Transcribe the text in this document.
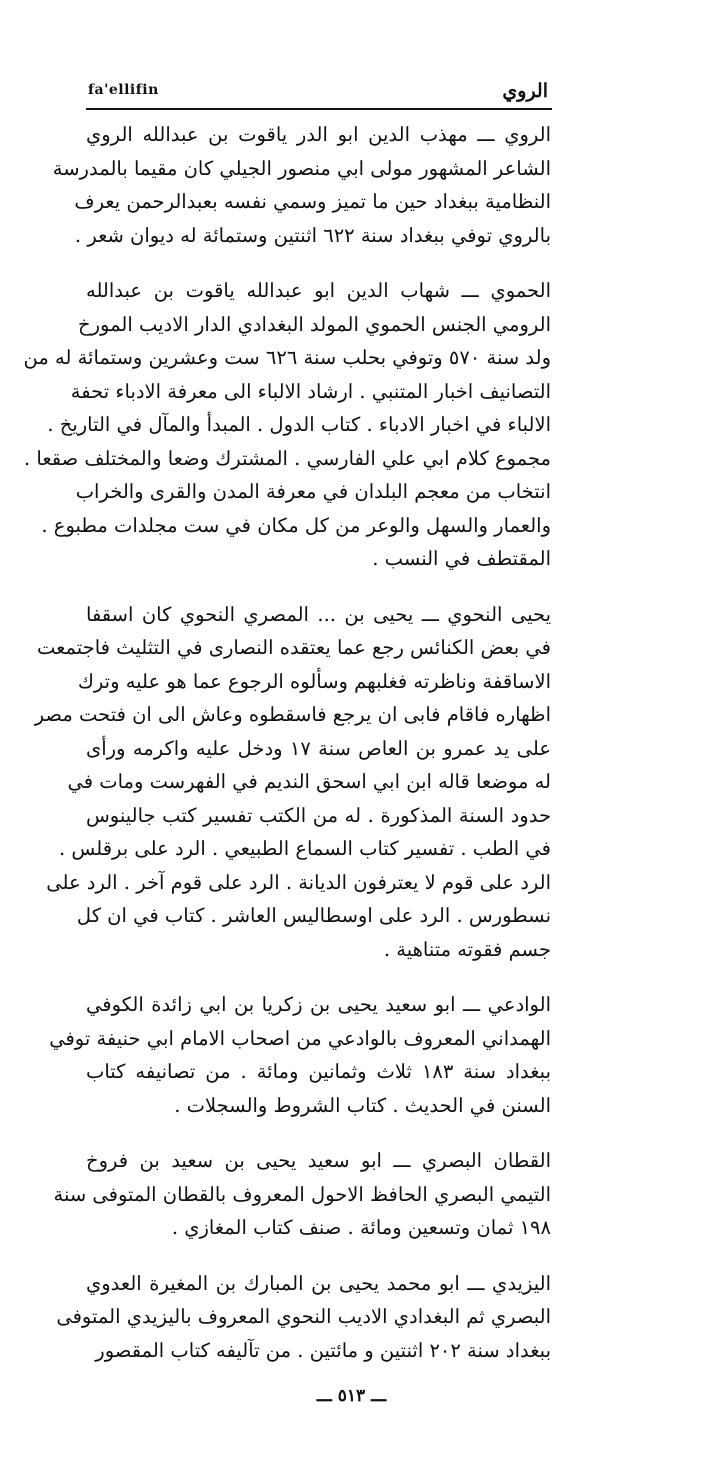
fa'ellifin	الروي
الروي ـــ مهذب الدين ابو الدر ياقوت بن عبدالله الروي
الشاعر المشهور مولى ابي منصور الجيلي كان مقيما بالمدرسة
النظامية ببغداد حين ما تميز وسمي نفسه بعبدالرحمن يعرف
بالروي توفي ببغداد سنة ٦٢٢ اثنتين وستمائة له ديوان شعر .
الحموي ـــ شهاب الدين ابو عبدالله ياقوت بن عبدالله
الرومي الجنس الحموي المولد البغدادي الدار الاديب المورخ
ولد سنة ٥٧٠ وتوفي بحلب سنة ٦٢٦ ست وعشرين وستمائة له من
التصانيف اخبار المتنبي . ارشاد الالباء الى معرفة الادباء تحفة
الالباء في اخبار الادباء . كتاب الدول . المبدأ والمآل في التاريخ .
مجموع كلام ابي علي الفارسي . المشترك وضعا والمختلف صقعا .
انتخاب من معجم البلدان في معرفة المدن والقرى والخراب
والعمار والسهل والوعر من كل مكان في ست مجلدات مطبوع .
المقتطف في النسب .
يحيى النحوي ـــ يحيى بن ... المصري النحوي كان اسقفا
في بعض الكنائس رجع عما يعتقده النصارى في التثليث فاجتمعت
الاساقفة وناظرته فغلبهم وسألوه الرجوع عما هو عليه وترك
اظهاره فاقام فابى ان يرجع فاسقطوه وعاش الى ان فتحت مصر
على يد عمرو بن العاص سنة ١٧ ودخل عليه واكرمه ورأى
له موضعا قاله ابن ابي اسحق النديم في الفهرست ومات في
حدود السنة المذكورة . له من الكتب تفسير كتب جالينوس
في الطب . تفسير كتاب السماع الطبيعي . الرد على برقلس .
الرد على قوم لا يعترفون الديانة . الرد على قوم آخر . الرد على
نسطورس . الرد على اوسطاليس العاشر . كتاب في ان كل
جسم فقوته متناهية .
الوادعي ـــ ابو سعيد يحيى بن زكريا بن ابي زائدة الكوفي
الهمداني المعروف بالوادعي من اصحاب الامام ابي حنيفة توفي
ببغداد سنة ١٨٣ ثلاث وثمانين ومائة . من تصانيفه كتاب
السنن في الحديث . كتاب الشروط والسجلات .
القطان البصري ـــ ابو سعيد يحيى بن سعيد بن فروخ
التيمي البصري الحافظ الاحول المعروف بالقطان المتوفى سنة
١٩٨ ثمان وتسعين ومائة . صنف كتاب المغازي .
اليزيدي ـــ ابو محمد يحيى بن المبارك بن المغيرة العدوي
البصري ثم البغدادي الاديب النحوي المعروف باليزيدي المتوفى
ببغداد سنة ٢٠٢ اثنتين و مائتين . من تآليفه كتاب المقصور
ـــ ٥١٣ ـــ
